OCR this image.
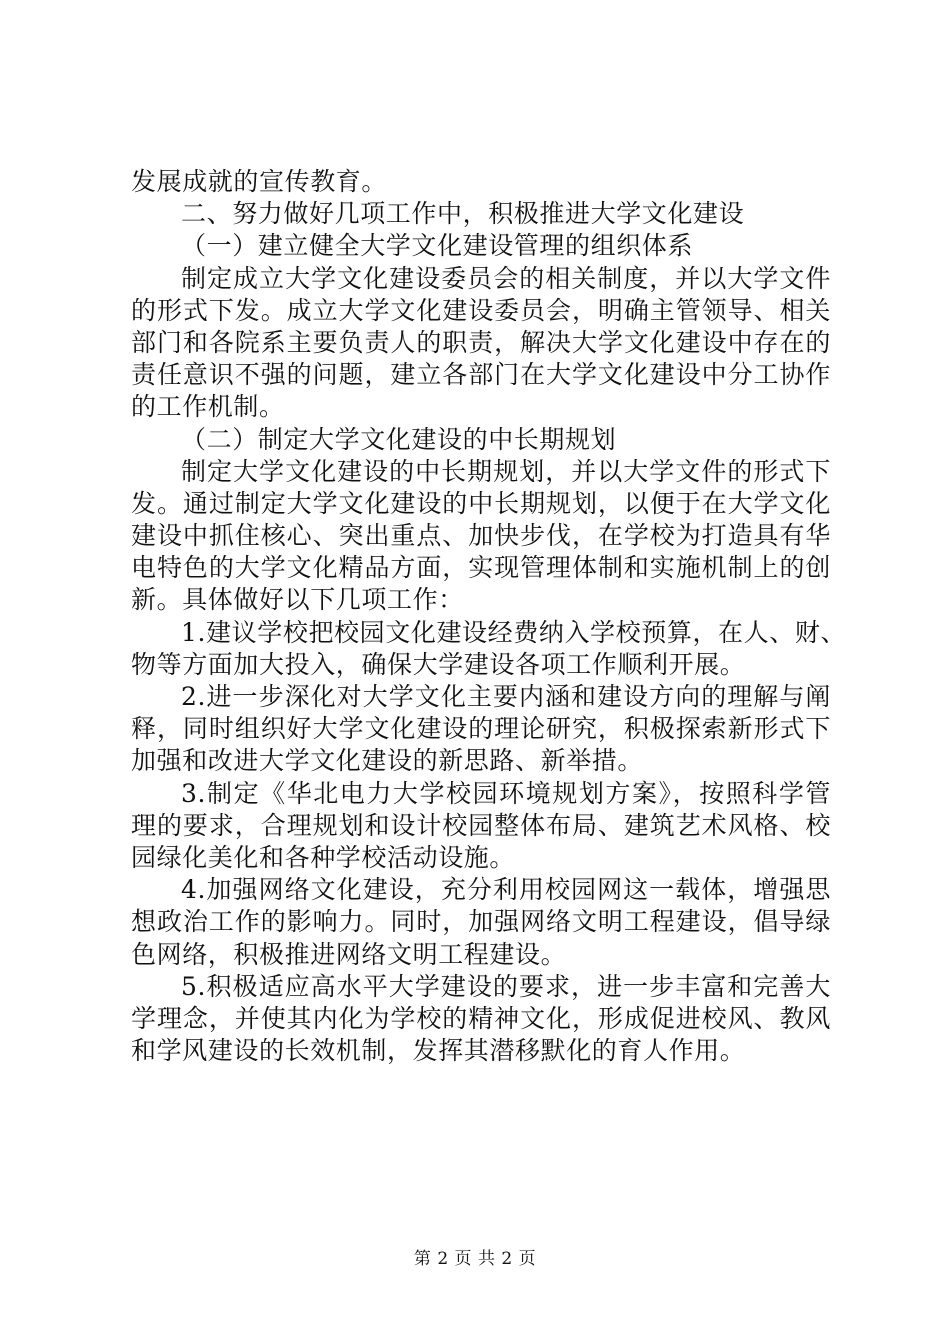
发展成就的宣传教育。
二、努力做好几项工作中，积极推进大学文化建设
（一）建立健全大学文化建设管理的组织体系
制定成立大学文化建设委员会的相关制度，并以大学文件
的形式下发。成立大学文化建设委员会，明确主管领导、相关
部门和各院系主要负责人的职责，解决大学文化建设中存在的
责任意识不强的问题，建立各部门在大学文化建设中分工协作
的工作机制。
（二）制定大学文化建设的中长期规划
制定大学文化建设的中长期规划，并以大学文件的形式下
发。通过制定大学文化建设的中长期规划，以便于在大学文化
建设中抓住核心、突出重点、加快步伐，在学校为打造具有华
电特色的大学文化精品方面，实现管理体制和实施机制上的创
新。具体做好以下几项工作：
1.建议学校把校园文化建设经费纳入学校预算，在人、财、
物等方面加大投入，确保大学建设各项工作顺利开展。
2.进一步深化对大学文化主要内涵和建设方向的理解与阐
释，同时组织好大学文化建设的理论研究，积极探索新形式下
加强和改进大学文化建设的新思路、新举措。
3.制定《华北电力大学校园环境规划方案》，按照科学管
理的要求，合理规划和设计校园整体布局、建筑艺术风格、校
园绿化美化和各种学校活动设施。
4.加强网络文化建设，充分利用校园网这一载体，增强思
想政治工作的影响力。同时，加强网络文明工程建设，倡导绿
色网络，积极推进网络文明工程建设。
5.积极适应高水平大学建设的要求，进一步丰富和完善大
学理念，并使其内化为学校的精神文化，形成促进校风、教风
和学风建设的长效机制，发挥其潜移默化的育人作用。
第 2 页 共 2 页
